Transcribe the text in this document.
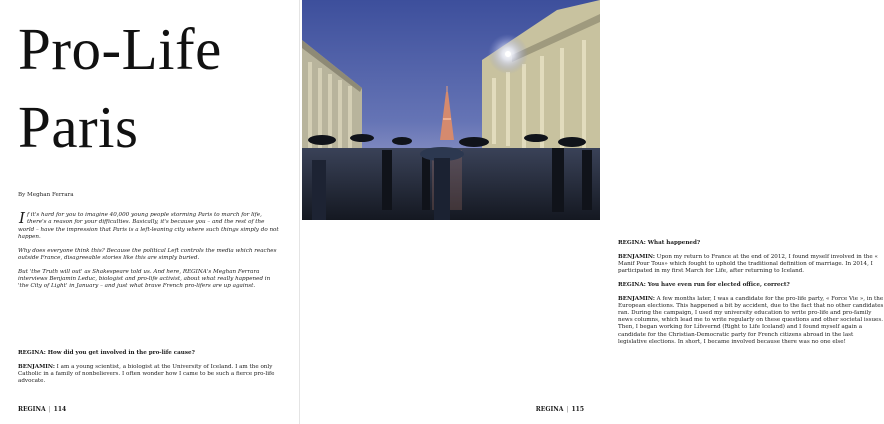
Pro-Life
Paris
By Meghan Ferrara

If it's hard for you to imagine 40,000 young people storming Paris to march for life, there's a reason for your difficulties. Basically, it's because you – and the rest of the world – have the impression that Paris is a left-leaning city where such things simply do not happen.

Why does everyone think this? Because the political Left controls the media which reaches outside France, disagreeable stories like this are simply buried.

But 'the Truth will out' as Shakespeare told us. And here, REGINA's Meghan Ferrara interviews Benjamin Leduc, biologist and pro-life activist, about what really happened in 'the City of Light' in January – and just what brave French pro-lifers are up against.

REGINA: How did you get involved in the pro-life cause?

BENJAMIN: I am a young scientist, a biologist at the University of Iceland. I am the only Catholic in a family of nonbelievers. I often wonder how I came to be such a fierce pro-life advocate.

REGINA | 114

REGINA: What happened?

BENJAMIN: Upon my return to France at the end of 2012, I found myself involved in the « Manif Pour Tous» which fought to uphold the traditional definition of marriage. In 2014, I participated in my first March for Life, after returning to Iceland.

REGINA: You have even run for elected office, correct?

BENJAMIN: A few months later, I was a candidate for the pro-life party, « Force Vie », in the European elections. This happened a bit by accident, due to the fact that no other candidates ran. During the campaign, I used my university education to write pro-life and pro-family news columns, which lead me to write regularly on these questions and other societal issues. Then, I began working for Lífsvernd (Right to Life Iceland) and I found myself again a candidate for the Christian-Democratic party for French citizens abroad in the last legislative elections. In short, I became involved because there was no one else!

REGINA | 115
